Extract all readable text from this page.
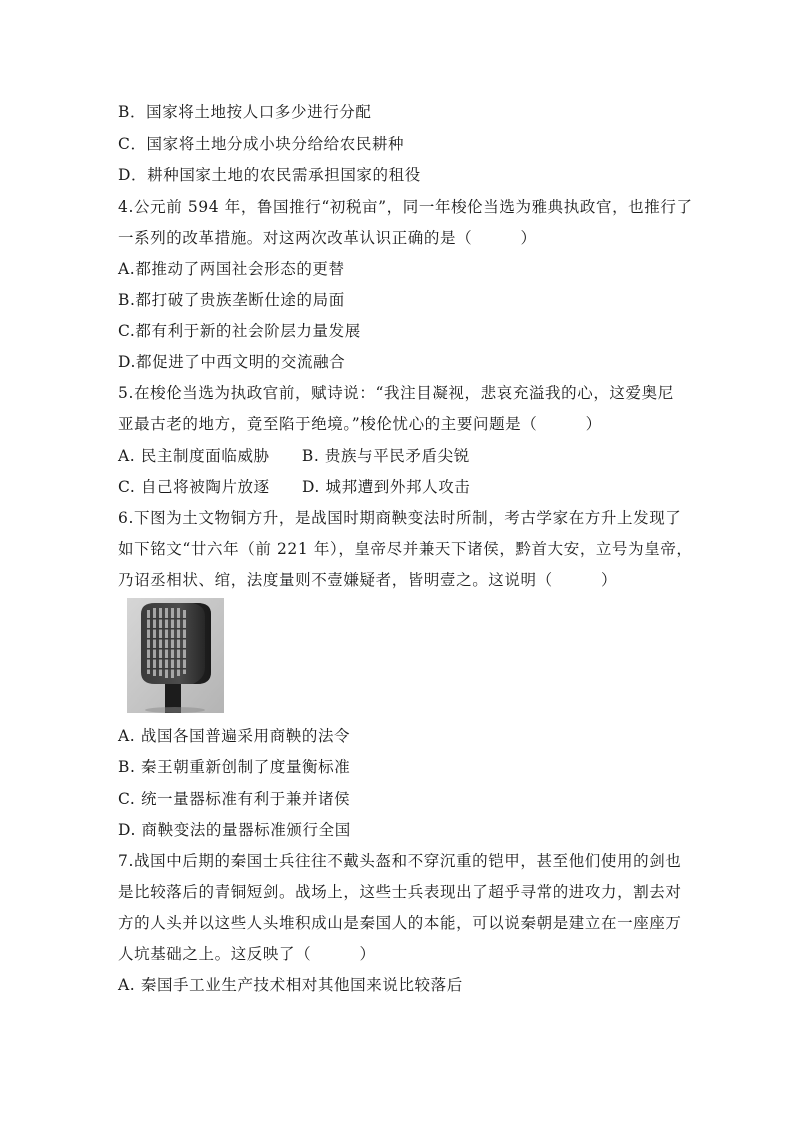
B．国家将土地按人口多少进行分配
C．国家将土地分成小块分给给农民耕种
D．耕种国家土地的农民需承担国家的租役
4.公元前 594 年，鲁国推行“初税亩”，同一年梭伦当选为雅典执政官，也推行了
一系列的改革措施。对这两次改革认识正确的是（　　　）
A.都推动了两国社会形态的更替
B.都打破了贵族垄断仕途的局面
C.都有利于新的社会阶层力量发展
D.都促进了中西文明的交流融合
5.在梭伦当选为执政官前，赋诗说：“我注目凝视，悲哀充溢我的心，这爱奥尼
亚最古老的地方，竟至陷于绝境。”梭伦忧心的主要问题是（　　　）
A. 民主制度面临威胁　　B. 贵族与平民矛盾尖锐
C. 自己将被陶片放逐　　D. 城邦遭到外邦人攻击
6.下图为土文物铜方升，是战国时期商鞅变法时所制，考古学家在方升上发现了
如下铭文“廿六年（前 221 年），皇帝尽并兼天下诸侯，黔首大安，立号为皇帝，
乃诏丞相状、绾，法度量则不壹嫌疑者，皆明壹之。这说明（　　　）
A. 战国各国普遍采用商鞅的法令
B. 秦王朝重新创制了度量衡标准
C. 统一量器标准有利于兼并诸侯
D. 商鞅变法的量器标准颁行全国
7.战国中后期的秦国士兵往往不戴头盔和不穿沉重的铠甲，甚至他们使用的剑也
是比较落后的青铜短剑。战场上，这些士兵表现出了超乎寻常的进攻力，割去对
方的人头并以这些人头堆积成山是秦国人的本能，可以说秦朝是建立在一座座万
人坑基础之上。这反映了（　　　）
A. 秦国手工业生产技术相对其他国来说比较落后
